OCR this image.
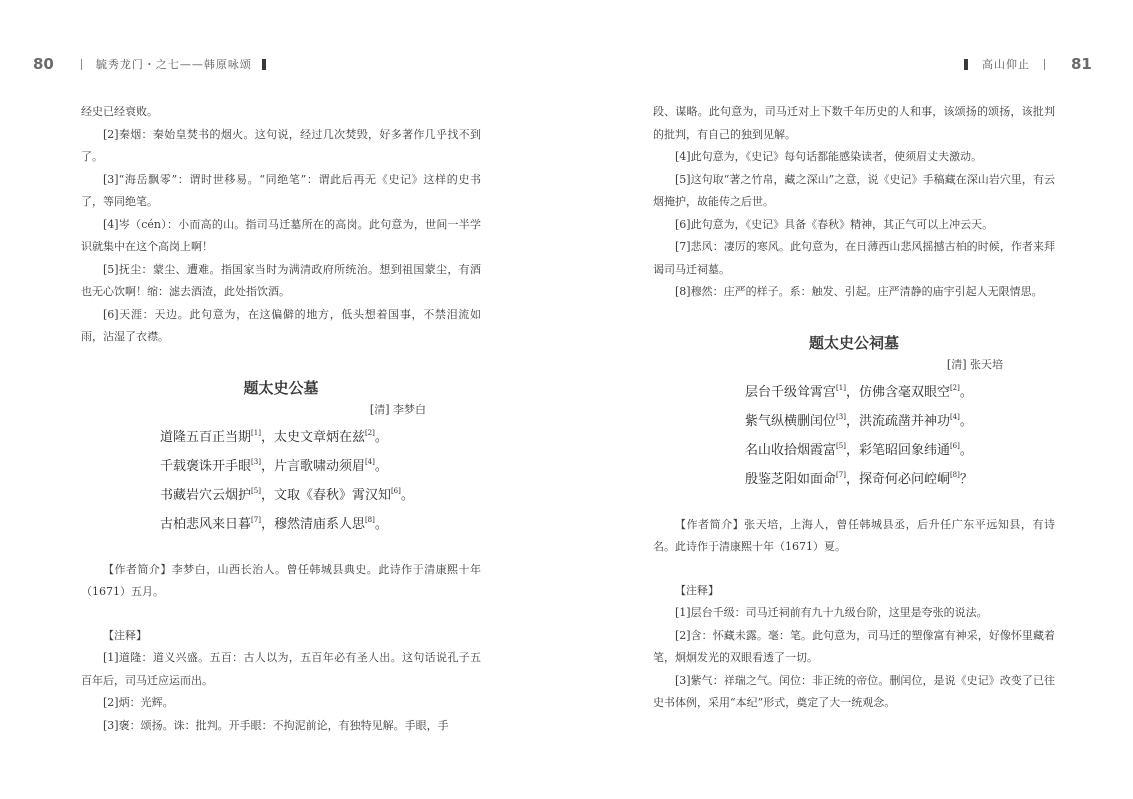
80	毓秀龙门・之七——韩原咏颂

经史已经衰败。

[2]秦烟：秦始皇焚书的烟火。这句说，经过几次焚毁，好多著作几乎找不到了。

[3]“海岳飘零”：谓时世移易。“同绝笔”：谓此后再无《史记》这样的史书了，等同绝笔。

[4]岑（cén）：小而高的山。指司马迁墓所在的高岗。此句意为，世间一半学识就集中在这个高岗上啊！

[5]抚尘：蒙尘、遭难。指国家当时为满清政府所统治。想到祖国蒙尘，有酒也无心饮啊！缩：滤去酒渣，此处指饮酒。

[6]天涯：天边。此句意为，在这偏僻的地方，低头想着国事，不禁泪流如雨，沾湿了衣襟。

题太史公墓

[清] 李梦白

道隆五百正当期[1]，太史文章炳在兹[2]。

千载褒诛开手眼[3]，片言歌啸动须眉[4]。

书藏岩穴云烟护[5]，文取《春秋》霄汉知[6]。

古柏悲风来日暮[7]，穆然清庙系人思[8]。

【作者简介】李梦白，山西长治人。曾任韩城县典史。此诗作于清康熙十年（1671）五月。

【注释】

[1]道隆：道义兴盛。五百：古人以为，五百年必有圣人出。这句话说孔子五百年后，司马迁应运而出。

[2]炳：光辉。

[3]褒：颂扬。诛：批判。开手眼：不拘泥前论，有独特见解。手眼，手

高山仰止	81

段、谋略。此句意为，司马迁对上下数千年历史的人和事，该颂扬的颂扬，该批判的批判，有自己的独到见解。

[4]此句意为，《史记》每句话都能感染读者，使须眉丈夫激动。

[5]这句取“著之竹帛，藏之深山”之意，说《史记》手稿藏在深山岩穴里，有云烟掩护，故能传之后世。

[6]此句意为，《史记》具备《春秋》精神，其正气可以上冲云天。

[7]悲风：凄厉的寒风。此句意为，在日薄西山悲风摇撼古柏的时候，作者来拜谒司马迁祠墓。

[8]穆然：庄严的样子。系：触发、引起。庄严清静的庙宇引起人无限情思。

题太史公祠墓

[清] 张天培

层台千级耸霄宫[1]，仿佛含毫双眼空[2]。

紫气纵横删闰位[3]，洪流疏凿并神功[4]。

名山收拾烟霞富[5]，彩笔昭回象纬通[6]。

殷鉴芝阳如面命[7]，探奇何必问崆峒[8]？

【作者简介】张天培，上海人，曾任韩城县丞，后升任广东平远知县，有诗名。此诗作于清康熙十年（1671）夏。

【注释】

[1]层台千级：司马迁祠前有九十九级台阶，这里是夸张的说法。

[2]含：怀藏未露。毫：笔。此句意为，司马迁的塑像富有神采，好像怀里藏着笔，炯炯发光的双眼看透了一切。

[3]紫气：祥瑞之气。闰位：非正统的帝位。删闰位，是说《史记》改变了已往史书体例，采用“本纪”形式，奠定了大一统观念。
